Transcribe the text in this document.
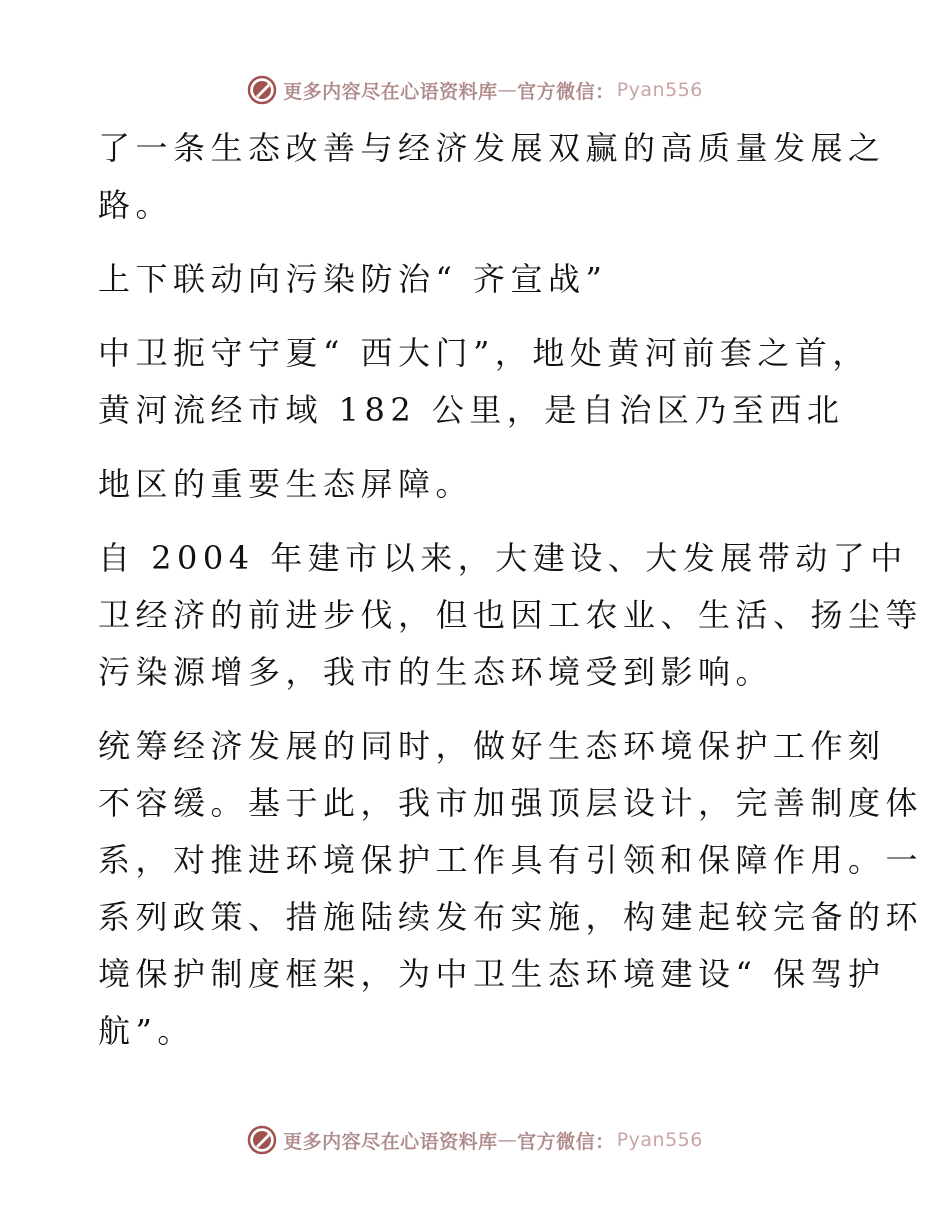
更多内容尽在心语资料库 — 官方微信： Pyan556
了一条生态改善与经济发展双赢的高质量发展之
路。
上下联动向污染防治“ 齐宣战”
中卫扼守宁夏“ 西大门”，地处黄河前套之首，
黄河流经市域 182 公里，是自治区乃至西北
地区的重要生态屏障。
自 2004 年建市以来，大建设、大发展带动了中
卫经济的前进步伐，但也因工农业、生活、扬尘等
污染源增多，我市的生态环境受到影响。
统筹经济发展的同时，做好生态环境保护工作刻
不容缓。基于此，我市加强顶层设计，完善制度体
系，对推进环境保护工作具有引领和保障作用。一
系列政策、措施陆续发布实施，构建起较完备的环
境保护制度框架，为中卫生态环境建设“ 保驾护
航”。
更多内容尽在心语资料库 — 官方微信： Pyan556
